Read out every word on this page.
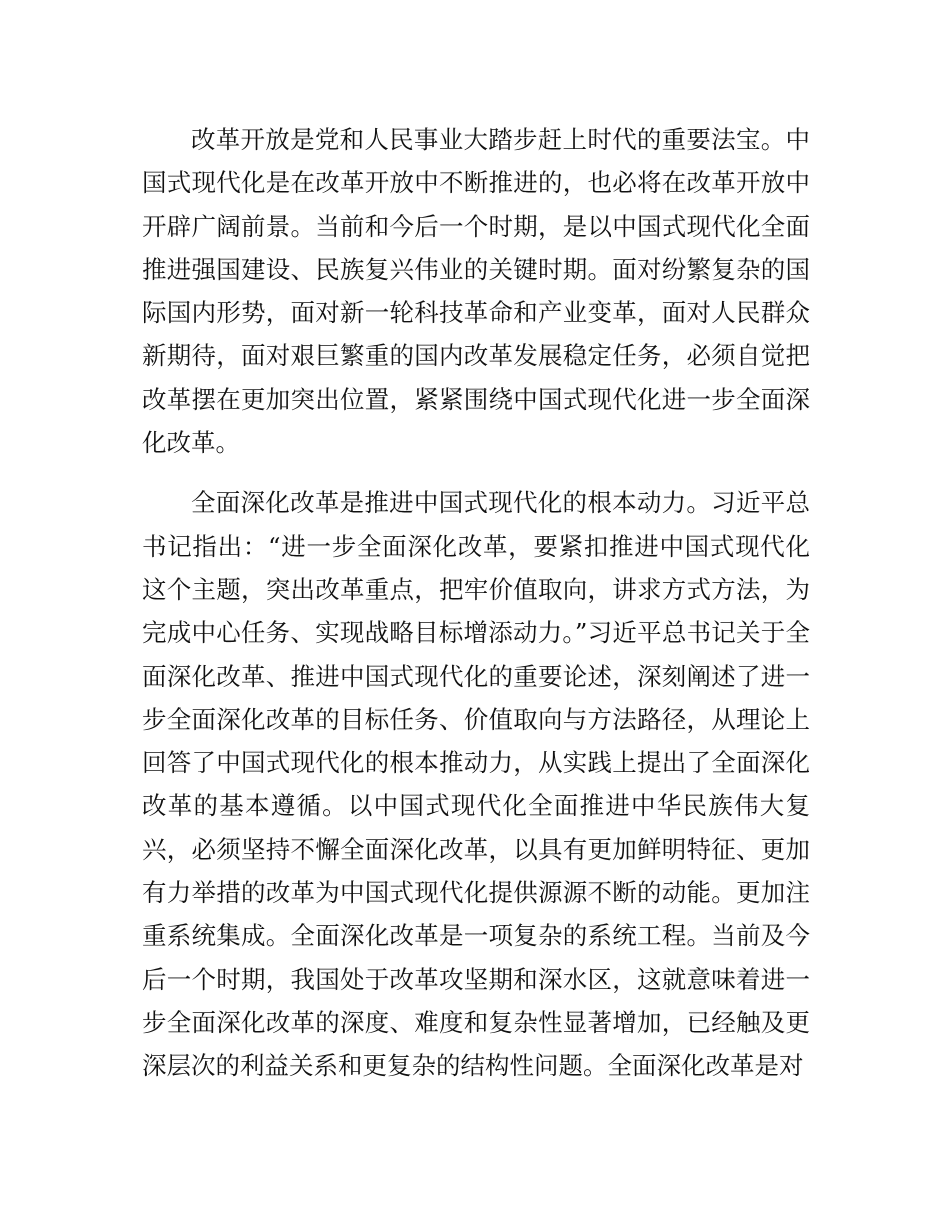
改革开放是党和人民事业大踏步赶上时代的重要法宝。中国式现代化是在改革开放中不断推进的，也必将在改革开放中开辟广阔前景。当前和今后一个时期，是以中国式现代化全面推进强国建设、民族复兴伟业的关键时期。面对纷繁复杂的国际国内形势，面对新一轮科技革命和产业变革，面对人民群众新期待，面对艰巨繁重的国内改革发展稳定任务，必须自觉把改革摆在更加突出位置，紧紧围绕中国式现代化进一步全面深化改革。

全面深化改革是推进中国式现代化的根本动力。习近平总书记指出：“进一步全面深化改革，要紧扣推进中国式现代化这个主题，突出改革重点，把牢价值取向，讲求方式方法，为完成中心任务、实现战略目标增添动力。”习近平总书记关于全面深化改革、推进中国式现代化的重要论述，深刻阐述了进一步全面深化改革的目标任务、价值取向与方法路径，从理论上回答了中国式现代化的根本推动力，从实践上提出了全面深化改革的基本遵循。以中国式现代化全面推进中华民族伟大复兴，必须坚持不懈全面深化改革，以具有更加鲜明特征、更加有力举措的改革为中国式现代化提供源源不断的动能。更加注重系统集成。全面深化改革是一项复杂的系统工程。当前及今后一个时期，我国处于改革攻坚期和深水区，这就意味着进一步全面深化改革的深度、难度和复杂性显著增加，已经触及更深层次的利益关系和更复杂的结构性问题。全面深化改革是对
